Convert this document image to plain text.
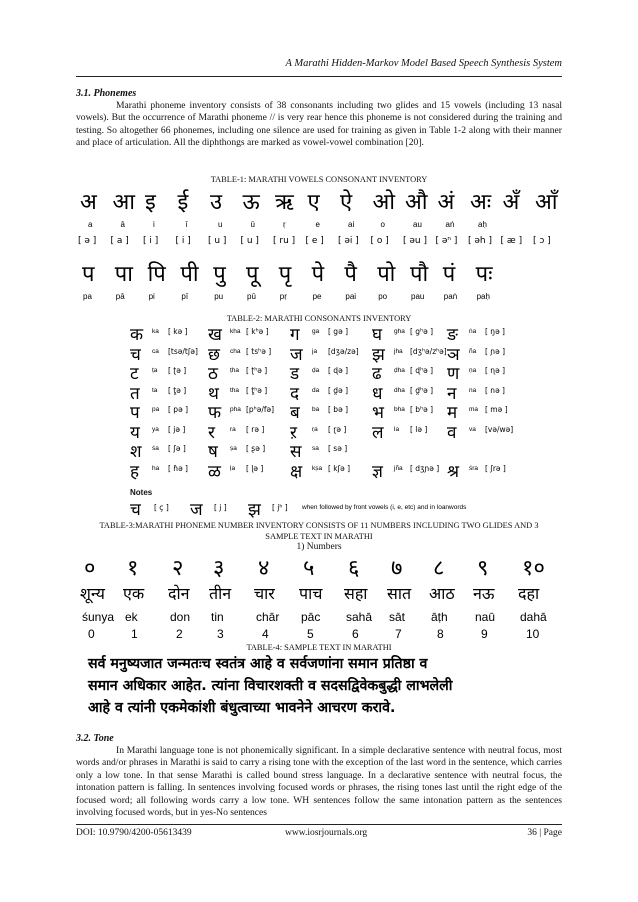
A Marathi Hidden-Markov Model Based Speech Synthesis System
3.1. Phonemes
Marathi phoneme inventory consists of 38 consonants including two glides and 15 vowels (including 13 nasal vowels). But the occurrence of Marathi phoneme // is very rear hence this phoneme is not considered during the training and testing. So altogether 66 phonemes, including one silence are used for training as given in Table 1-2 along with their manner and place of articulation. All the diphthongs are marked as vowel-vowel combination [20].
TABLE-1: MARATHI VOWELS CONSONANT INVENTORY
अ आ इ ई उ ऊ ऋ ए ऐ ओ औ अं अः अँ आँ
a	ā	i	ī	u	ū	ṛ	e	ai	o	au	aṅ	aḥ
[ ə ] [ a ] [ i ] [ i ] [ u ] [ u ] [ ru ] [ e ] [ əi ] [ o ] [ əu ] [ əⁿ ] [ əh ] [ æ ] [ ɔ ]
प पा पि पी पु पू पृ पे पै पो पौ पं पः
pa	pā	pi	pī	pu	pū	pṛ	pe	pai	po	pau paṅ paḥ
TABLE-2: MARATHI CONSONANTS INVENTORY
क ka [ kə ] ख kha [ kʰə ] ग ga [ gə ] घ gha [ gʰə ] ङ ṅa [ ŋə ]
च ca [tsə/tʃə] छ cha [ tsʰə ] ज ja [dʒə/zə] झ jha [dʒʰə/zʰə] ञ ña [ ɲə ]
ट ṭa [ ʈə ] ठ ṭha [ ʈʰə ] ड ḍa [ ɖə ] ढ ḍha [ ɖʰə ] ण ṇa [ ɳə ]
त ta [ t̪ə ] थ tha [ t̪ʰə ] द da [ d̪ə ] ध dha [ d̪ʰə ] न na [ nə ]
प pa [ pə ] फ pha [pʰə/fə] ब ba [ bə ] भ bha [ bʰə ] म ma [ mə ]
य ya [ jə ] र ra [ rə ] ऱ ṛa [ ɽə ] ल la [ lə ] व va [və/wə]
श śa [ ʃə ] ष ṣa [ ʂə ] स sa [ sə ]
ह ha [ ɦə ] ळ ḷa [ ɭə ] क्ष kṣa [ kʃə ] ज्ञ jña [ dʒɲə ] श्र śra [ ʃrə ]
Notes
च [ ç ] ज [ j ] झ [ jʰ ] when followed by front vowels (i, e, etc) and in loanwords
TABLE-3:MARATHI PHONEME NUMBER INVENTORY CONSISTS OF 11 NUMBERS INCLUDING TWO GLIDES AND 3
SAMPLE TEXT IN MARATHI
1) Numbers
० १ २ ३ ४ ५ ६ ७ ८ ९ १०
शून्य एक दोन तीन चार पाच सहा सात आठ नऊ दहा
śunya ek	don tin	chār pāc sahā sāt āṭh naū dahā
0	1	2	3	4	5	6	7	8	9	10
TABLE-4: SAMPLE TEXT IN MARATHI
सर्व मनुष्यजात जन्मतःच स्वतंत्र आहे व सर्वजणांना समान प्रतिष्ठा व
समान अधिकार आहेत. त्यांना विचारशक्ती व सदसद्विवेकबुद्धी लाभलेली
आहे व त्यांनी एकमेकांशी बंधुत्वाच्या भावनेने आचरण करावे.
3.2. Tone
In Marathi language tone is not phonemically significant. In a simple declarative sentence with neutral focus, most words and/or phrases in Marathi is said to carry a rising tone with the exception of the last word in the sentence, which carries only a low tone. In that sense Marathi is called bound stress language. In a declarative sentence with neutral focus, the intonation pattern is falling. In sentences involving focused words or phrases, the rising tones last until the right edge of the focused word; all following words carry a low tone. WH sentences follow the same intonation pattern as the sentences involving focused words, but in yes-No sentences
DOI: 10.9790/4200-05613439	www.iosrjournals.org	36 | Page
